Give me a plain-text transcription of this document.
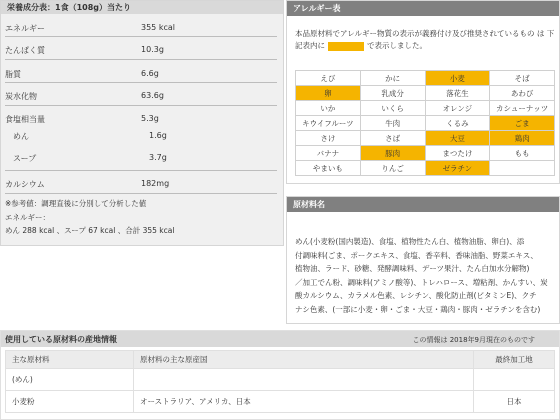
栄養成分表：1食（108g）当たり
エネルギー	355 kcal
たんぱく質	10.3g
脂質	6.6g
炭水化物	63.6g
食塩相当量	5.3g
めん	1.6g
スープ	3.7g
カルシウム	182mg
※参考値：調理直後に分別して分析した値
エネルギー：
めん 288 kcal 、スープ 67 kcal 、合計 355 kcal
アレルギー表
本品原材料でアレルギー物質の表示が義務付け及び推奨されているもの は 下記表内に	で表示しました。
えび	かに	小麦	そば
卵	乳成分	落花生	あわび
いか	いくら	オレンジ	カシューナッツ
キウイフルーツ	牛肉	くるみ	ごま
さけ	さば	大豆	鶏肉
バナナ	豚肉	まつたけ	もも
やまいも	りんご	ゼラチン	
原材料名
めん(小麦粉(国内製造)、食塩、植物性たん白、植物油脂、卵白)、添
付調味料(ごま、ポークエキス、食塩、香辛料、香味油脂、野菜エキス、
植物油、ラード、砂糖、発酵調味料、デーツ果汁、たん白加水分解物)
／加工でん粉、調味料(アミノ酸等)、トレハロース、増粘剤、かんすい、炭
酸カルシウム、カラメル色素、レシチン、酸化防止剤(ビタミンE)、クチ
ナシ色素、(一部に小麦・卵・ごま・大豆・鶏肉・豚肉・ゼラチンを含む)
使用している原材料の産地情報	この情報は 2018年9月現在のものです
主な原材料	原材料の主な原産国	最終加工地
(めん)		
小麦粉	オーストラリア、アメリカ、日本	日本
